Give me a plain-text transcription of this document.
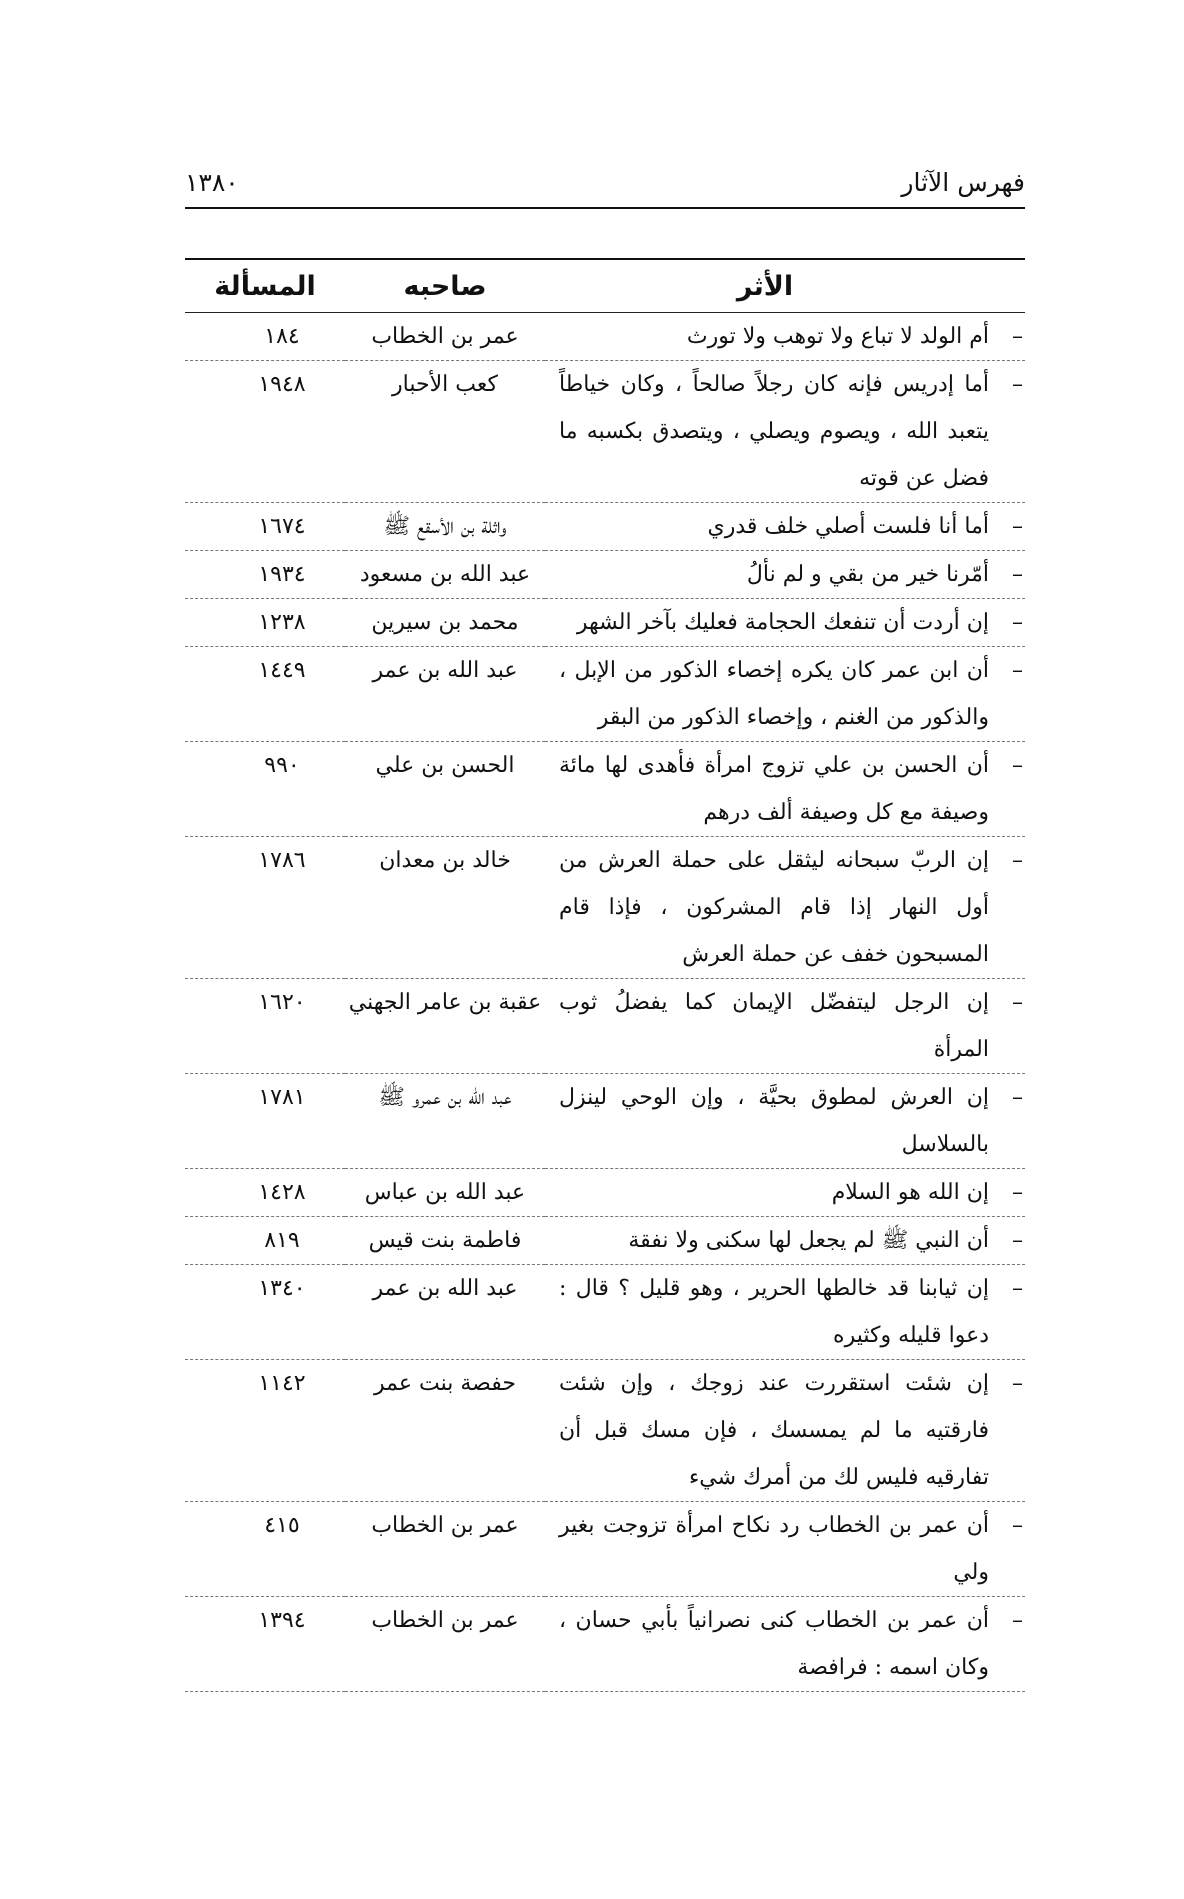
فهرس الآثار
١٣٨٠
الأثر	صاحبه	المسألة
–
أم الولد لا تباع ولا توهب ولا تورث	عمر بن الخطاب	١٨٤
–
أما إدريس فإنه كان رجلاً صالحاً ، وكان خياطاً يتعبد الله ، ويصوم ويصلي ، ويتصدق بكسبه ما فضل عن قوته	كعب الأحبار	١٩٤٨
–
أما أنا فلست أصلي خلف قدري	واثلة بن الأسقع ﷺ	١٦٧٤
–
أمّرنا خير من بقي و لم نألُ	عبد الله بن مسعود	١٩٣٤
–
إن أردت أن تنفعك الحجامة فعليك بآخر الشهر	محمد بن سيرين	١٢٣٨
–
أن ابن عمر كان يكره إخصاء الذكور من الإبل ، والذكور من الغنم ، وإخصاء الذكور من البقر	عبد الله بن عمر	١٤٤٩
–
أن الحسن بن علي تزوج امرأة فأهدى لها مائة وصيفة مع كل وصيفة ألف درهم	الحسن بن علي	٩٩٠
–
إن الربّ سبحانه ليثقل على حملة العرش من أول النهار إذا قام المشركون ، فإذا قام المسبحون خفف عن حملة العرش	خالد بن معدان	١٧٨٦
–
إن الرجل ليتفضّل الإيمان كما يفضلُ ثوب المرأة	عقبة بن عامر الجهني	١٦٢٠
–
إن العرش لمطوق بحيَّة ، وإن الوحي لينزل بالسلاسل	عبد الله بن عمرو ﷺ	١٧٨١
–
إن الله هو السلام	عبد الله بن عباس	١٤٢٨
–
أن النبي ﷺ لم يجعل لها سكنى ولا نفقة	فاطمة بنت قيس	٨١٩
–
إن ثيابنا قد خالطها الحرير ، وهو قليل ؟ قال : دعوا قليله وكثيره	عبد الله بن عمر	١٣٤٠
–
إن شئت استقررت عند زوجك ، وإن شئت فارقتيه ما لم يمسسك ، فإن مسك قبل أن تفارقيه فليس لك من أمرك شيء	حفصة بنت عمر	١١٤٢
–
أن عمر بن الخطاب رد نكاح امرأة تزوجت بغير ولي	عمر بن الخطاب	٤١٥
–
أن عمر بن الخطاب كنى نصرانياً بأبي حسان ، وكان اسمه : فرافصة	عمر بن الخطاب	١٣٩٤
